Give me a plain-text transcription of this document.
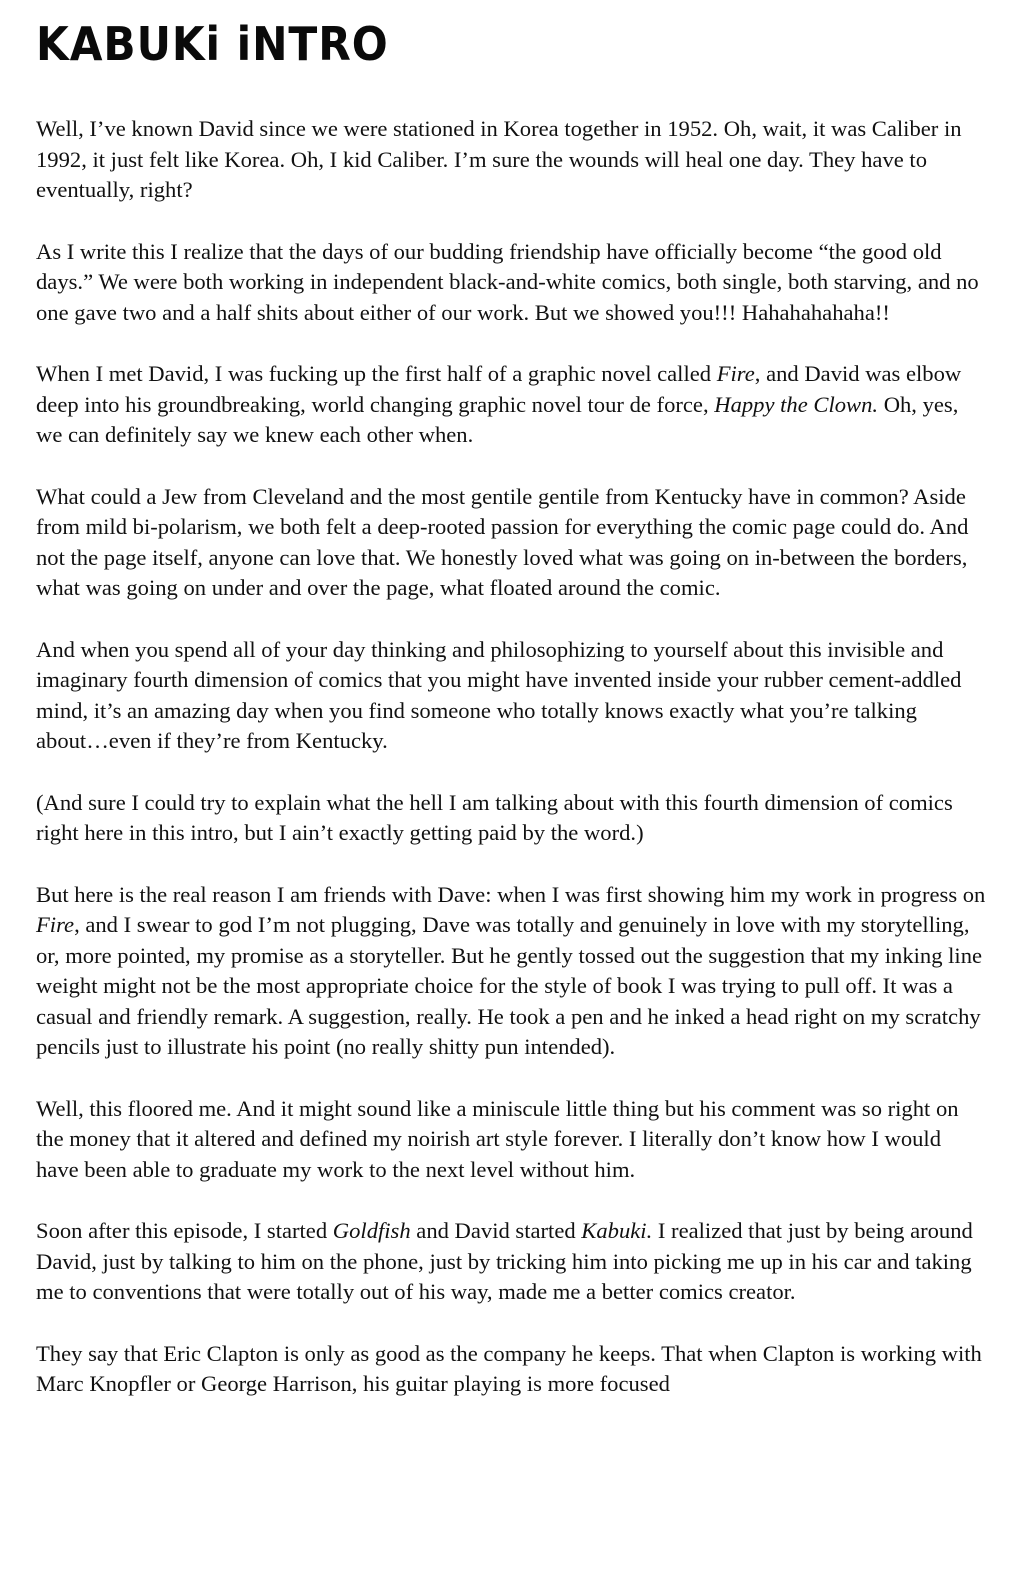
KABUKi iNTRO

Well, I’ve known David since we were stationed in Korea together in 1952. Oh, wait, it was Caliber in 1992, it just felt like Korea. Oh, I kid Caliber. I’m sure the wounds will heal one day. They have to eventually, right?

As I write this I realize that the days of our budding friendship have officially become “the good old days.” We were both working in independent black-and-white comics, both single, both starving, and no one gave two and a half shits about either of our work. But we showed you!!! Hahahahahaha!!

When I met David, I was fucking up the first half of a graphic novel called Fire, and David was elbow deep into his groundbreaking, world changing graphic novel tour de force, Happy the Clown. Oh, yes, we can definitely say we knew each other when.

What could a Jew from Cleveland and the most gentile gentile from Kentucky have in common? Aside from mild bi-polarism, we both felt a deep-rooted passion for everything the comic page could do. And not the page itself, anyone can love that. We honestly loved what was going on in-between the borders, what was going on under and over the page, what floated around the comic.

And when you spend all of your day thinking and philosophizing to yourself about this invisible and imaginary fourth dimension of comics that you might have invented inside your rubber cement-addled mind, it’s an amazing day when you find someone who totally knows exactly what you’re talking about…even if they’re from Kentucky.

(And sure I could try to explain what the hell I am talking about with this fourth dimension of comics right here in this intro, but I ain’t exactly getting paid by the word.)

But here is the real reason I am friends with Dave: when I was first showing him my work in progress on Fire, and I swear to god I’m not plugging, Dave was totally and genuinely in love with my storytelling, or, more pointed, my promise as a storyteller. But he gently tossed out the suggestion that my inking line weight might not be the most appropriate choice for the style of book I was trying to pull off. It was a casual and friendly remark. A suggestion, really. He took a pen and he inked a head right on my scratchy pencils just to illustrate his point (no really shitty pun intended).

Well, this floored me. And it might sound like a miniscule little thing but his comment was so right on the money that it altered and defined my noirish art style forever. I literally don’t know how I would have been able to graduate my work to the next level without him.

Soon after this episode, I started Goldfish and David started Kabuki. I realized that just by being around David, just by talking to him on the phone, just by tricking him into picking me up in his car and taking me to conventions that were totally out of his way, made me a better comics creator.

They say that Eric Clapton is only as good as the company he keeps. That when Clapton is working with Marc Knopfler or George Harrison, his guitar playing is more focused
